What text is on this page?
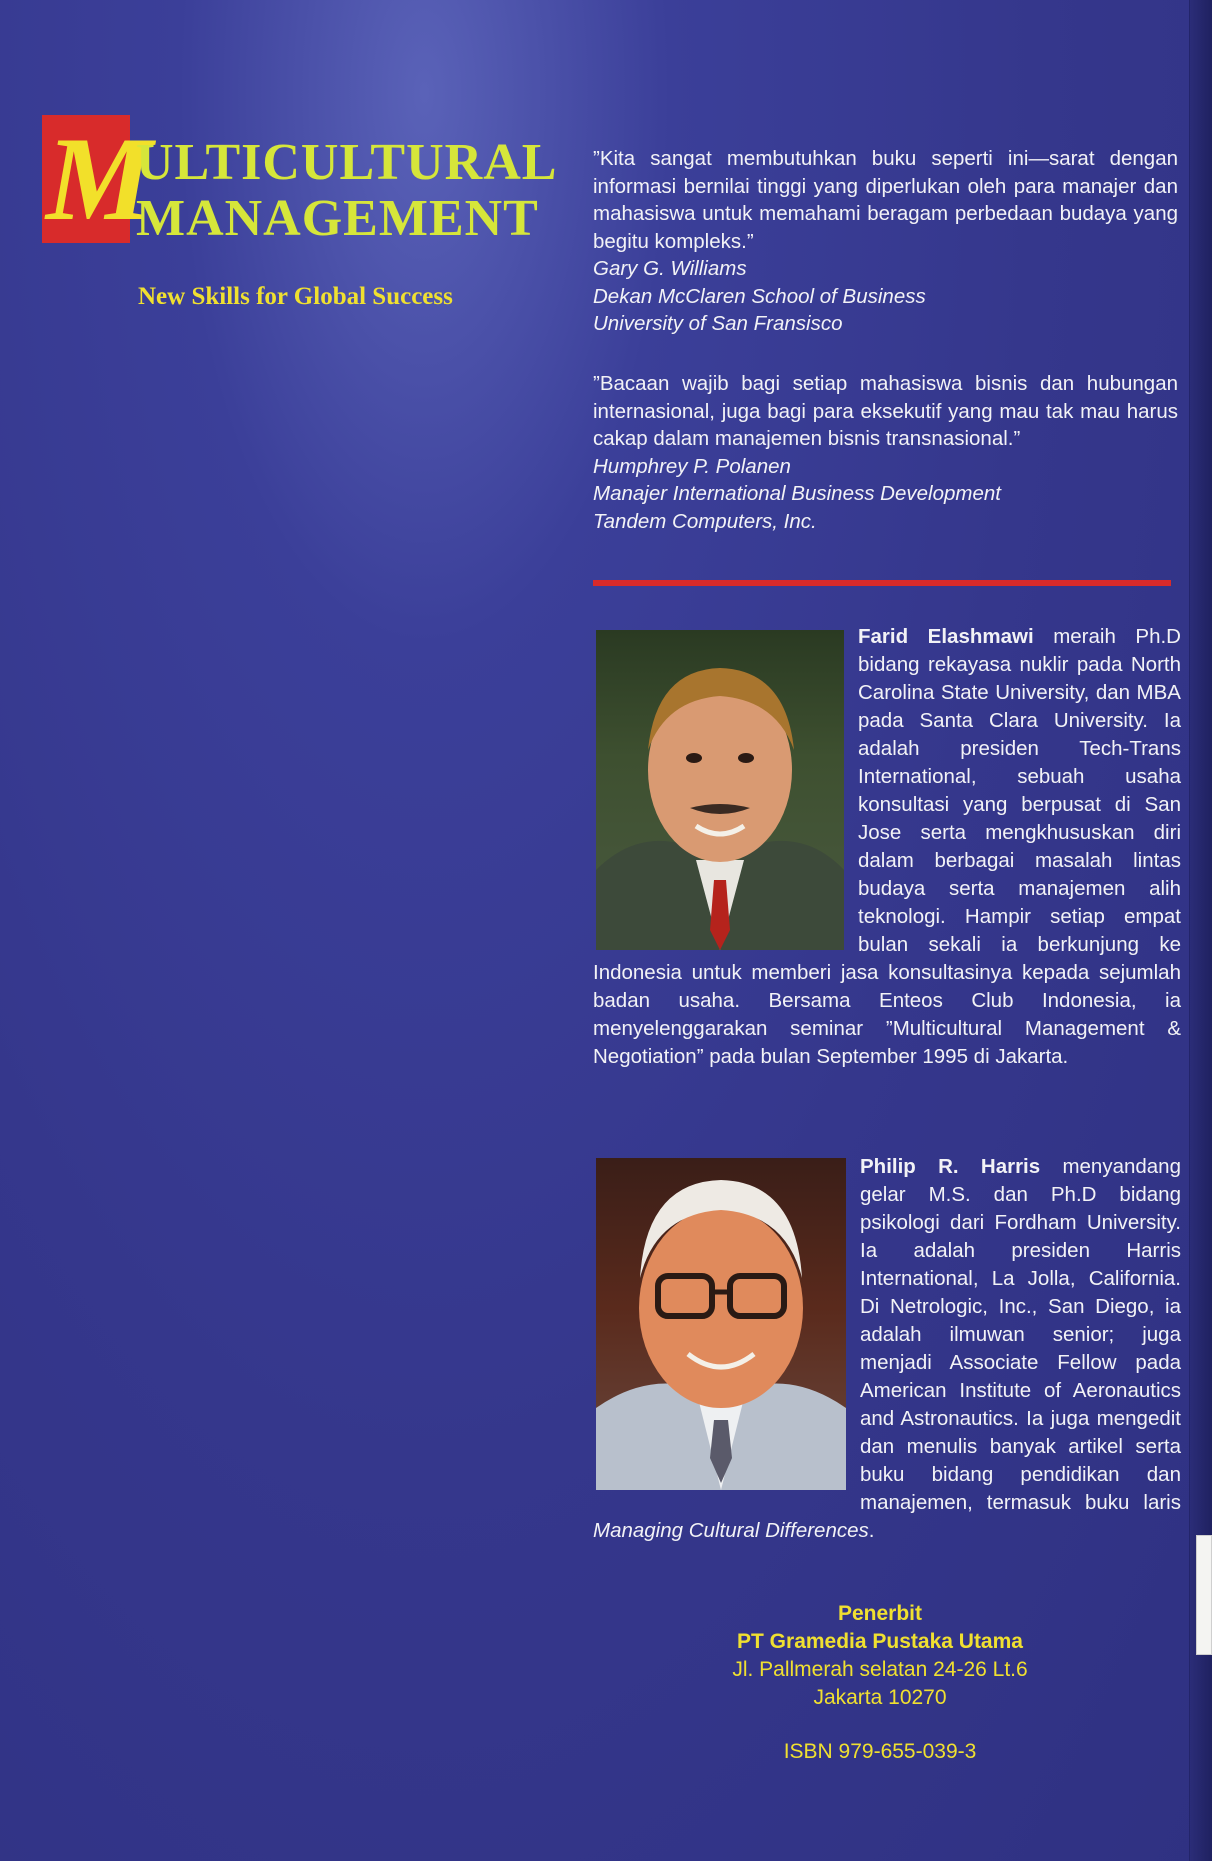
M
ULTICULTURAL
MANAGEMENT
New Skills for Global Success

”Kita sangat membutuhkan buku seperti ini—sarat dengan informasi bernilai tinggi yang diperlukan oleh para manajer dan mahasiswa untuk memahami beragam perbedaan budaya yang begitu kompleks.”

Gary G. Williams

Dekan McClaren School of Business

University of San Fransisco

”Bacaan wajib bagi setiap mahasiswa bisnis dan hubungan internasional, juga bagi para eksekutif yang mau tak mau harus cakap dalam manajemen bisnis transnasional.”

Humphrey P. Polanen

Manajer International Business Development

Tandem Computers, Inc.

Farid Elashmawi meraih Ph.D bidang rekayasa nuklir pada North Carolina State University, dan MBA pada Santa Clara University. Ia adalah presiden Tech-Trans International, sebuah usaha konsultasi yang berpusat di San Jose serta mengkhususkan diri dalam berbagai masalah lintas budaya serta manajemen alih teknologi. Hampir setiap empat bulan sekali ia berkunjung ke Indonesia untuk memberi jasa konsultasinya kepada sejumlah badan usaha. Bersama Enteos Club Indonesia, ia menyelenggarakan seminar ”Multicultural Management & Negotiation” pada bulan September 1995 di Jakarta.

Philip R. Harris menyandang gelar M.S. dan Ph.D bidang psikologi dari Fordham University. Ia adalah presiden Harris International, La Jolla, California. Di Netrologic, Inc., San Diego, ia adalah ilmuwan senior; juga menjadi Associate Fellow pada American Institute of Aeronautics and Astronautics. Ia juga mengedit dan menulis banyak artikel serta buku bidang pendidikan dan manajemen, termasuk buku laris Managing Cultural Differences.

Penerbit
PT Gramedia Pustaka Utama
Jl. Pallmerah selatan 24-26 Lt.6
Jakarta 10270
ISBN 979-655-039-3
